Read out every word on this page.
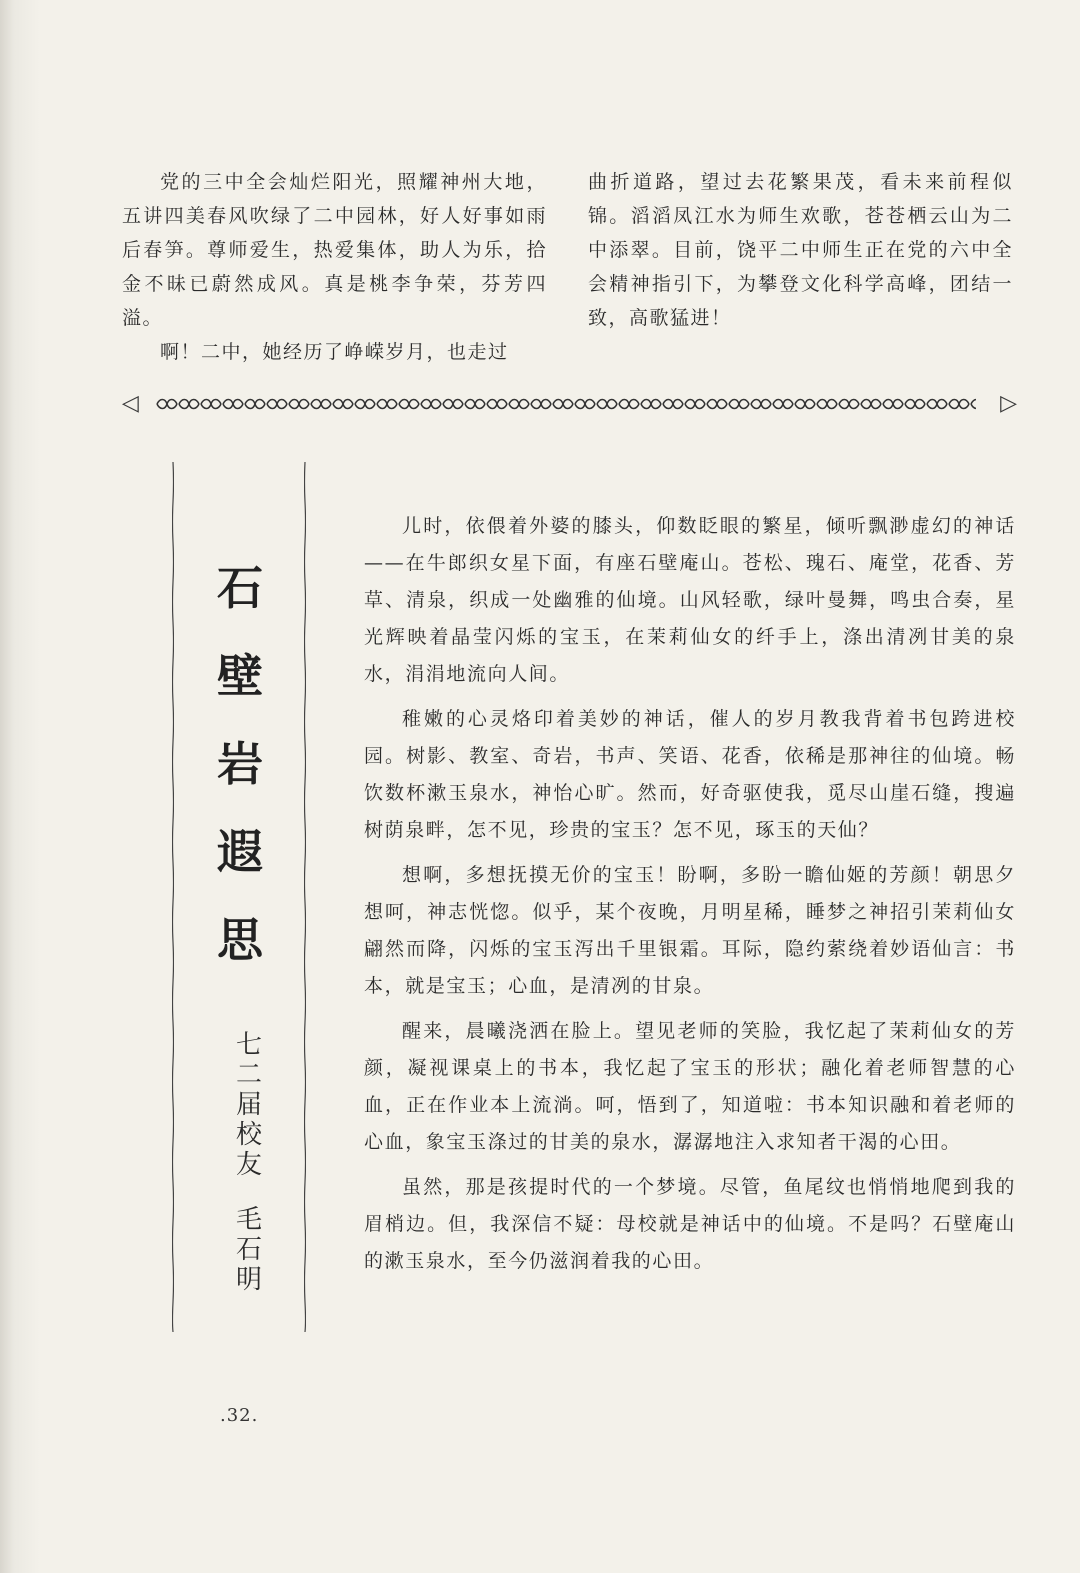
党的三中全会灿烂阳光，照耀神州大地，五讲四美春风吹绿了二中园林，好人好事如雨后春笋。尊师爱生，热爱集体，助人为乐，拾金不昧已蔚然成风。真是桃李争荣，芬芳四溢。

啊！二中，她经历了峥嵘岁月，也走过

曲折道路，望过去花繁果茂，看未来前程似锦。滔滔凤江水为师生欢歌，苍苍栖云山为二中添翠。目前，饶平二中师生正在党的六中全会精神指引下，为攀登文化科学高峰，团结一致，高歌猛进！

◁	▷
石
壁
岩
遐
思
七
二
届
校
友
毛
石
明

儿时，依偎着外婆的膝头，仰数眨眼的繁星，倾听飘渺虚幻的神话——在牛郎织女星下面，有座石壁庵山。苍松、瑰石、庵堂，花香、芳草、清泉，织成一处幽雅的仙境。山风轻歌，绿叶曼舞，鸣虫合奏，星光辉映着晶莹闪烁的宝玉，在茉莉仙女的纤手上，涤出清冽甘美的泉水，涓涓地流向人间。

稚嫩的心灵烙印着美妙的神话，催人的岁月教我背着书包跨进校园。树影、教室、奇岩，书声、笑语、花香，依稀是那神往的仙境。畅饮数杯漱玉泉水，神怡心旷。然而，好奇驱使我，觅尽山崖石缝，搜遍树荫泉畔，怎不见，珍贵的宝玉？怎不见，琢玉的天仙？

想啊，多想抚摸无价的宝玉！盼啊，多盼一瞻仙姬的芳颜！朝思夕想呵，神志恍惚。似乎，某个夜晚，月明星稀，睡梦之神招引茉莉仙女翩然而降，闪烁的宝玉泻出千里银霜。耳际，隐约萦绕着妙语仙言：书本，就是宝玉；心血，是清冽的甘泉。

醒来，晨曦浇洒在脸上。望见老师的笑脸，我忆起了茉莉仙女的芳颜，凝视课桌上的书本，我忆起了宝玉的形状；融化着老师智慧的心血，正在作业本上流淌。呵，悟到了，知道啦：书本知识融和着老师的心血，象宝玉涤过的甘美的泉水，潺潺地注入求知者干渴的心田。

虽然，那是孩提时代的一个梦境。尽管，鱼尾纹也悄悄地爬到我的眉梢边。但，我深信不疑：母校就是神话中的仙境。不是吗？石壁庵山的漱玉泉水，至今仍滋润着我的心田。

.32.
